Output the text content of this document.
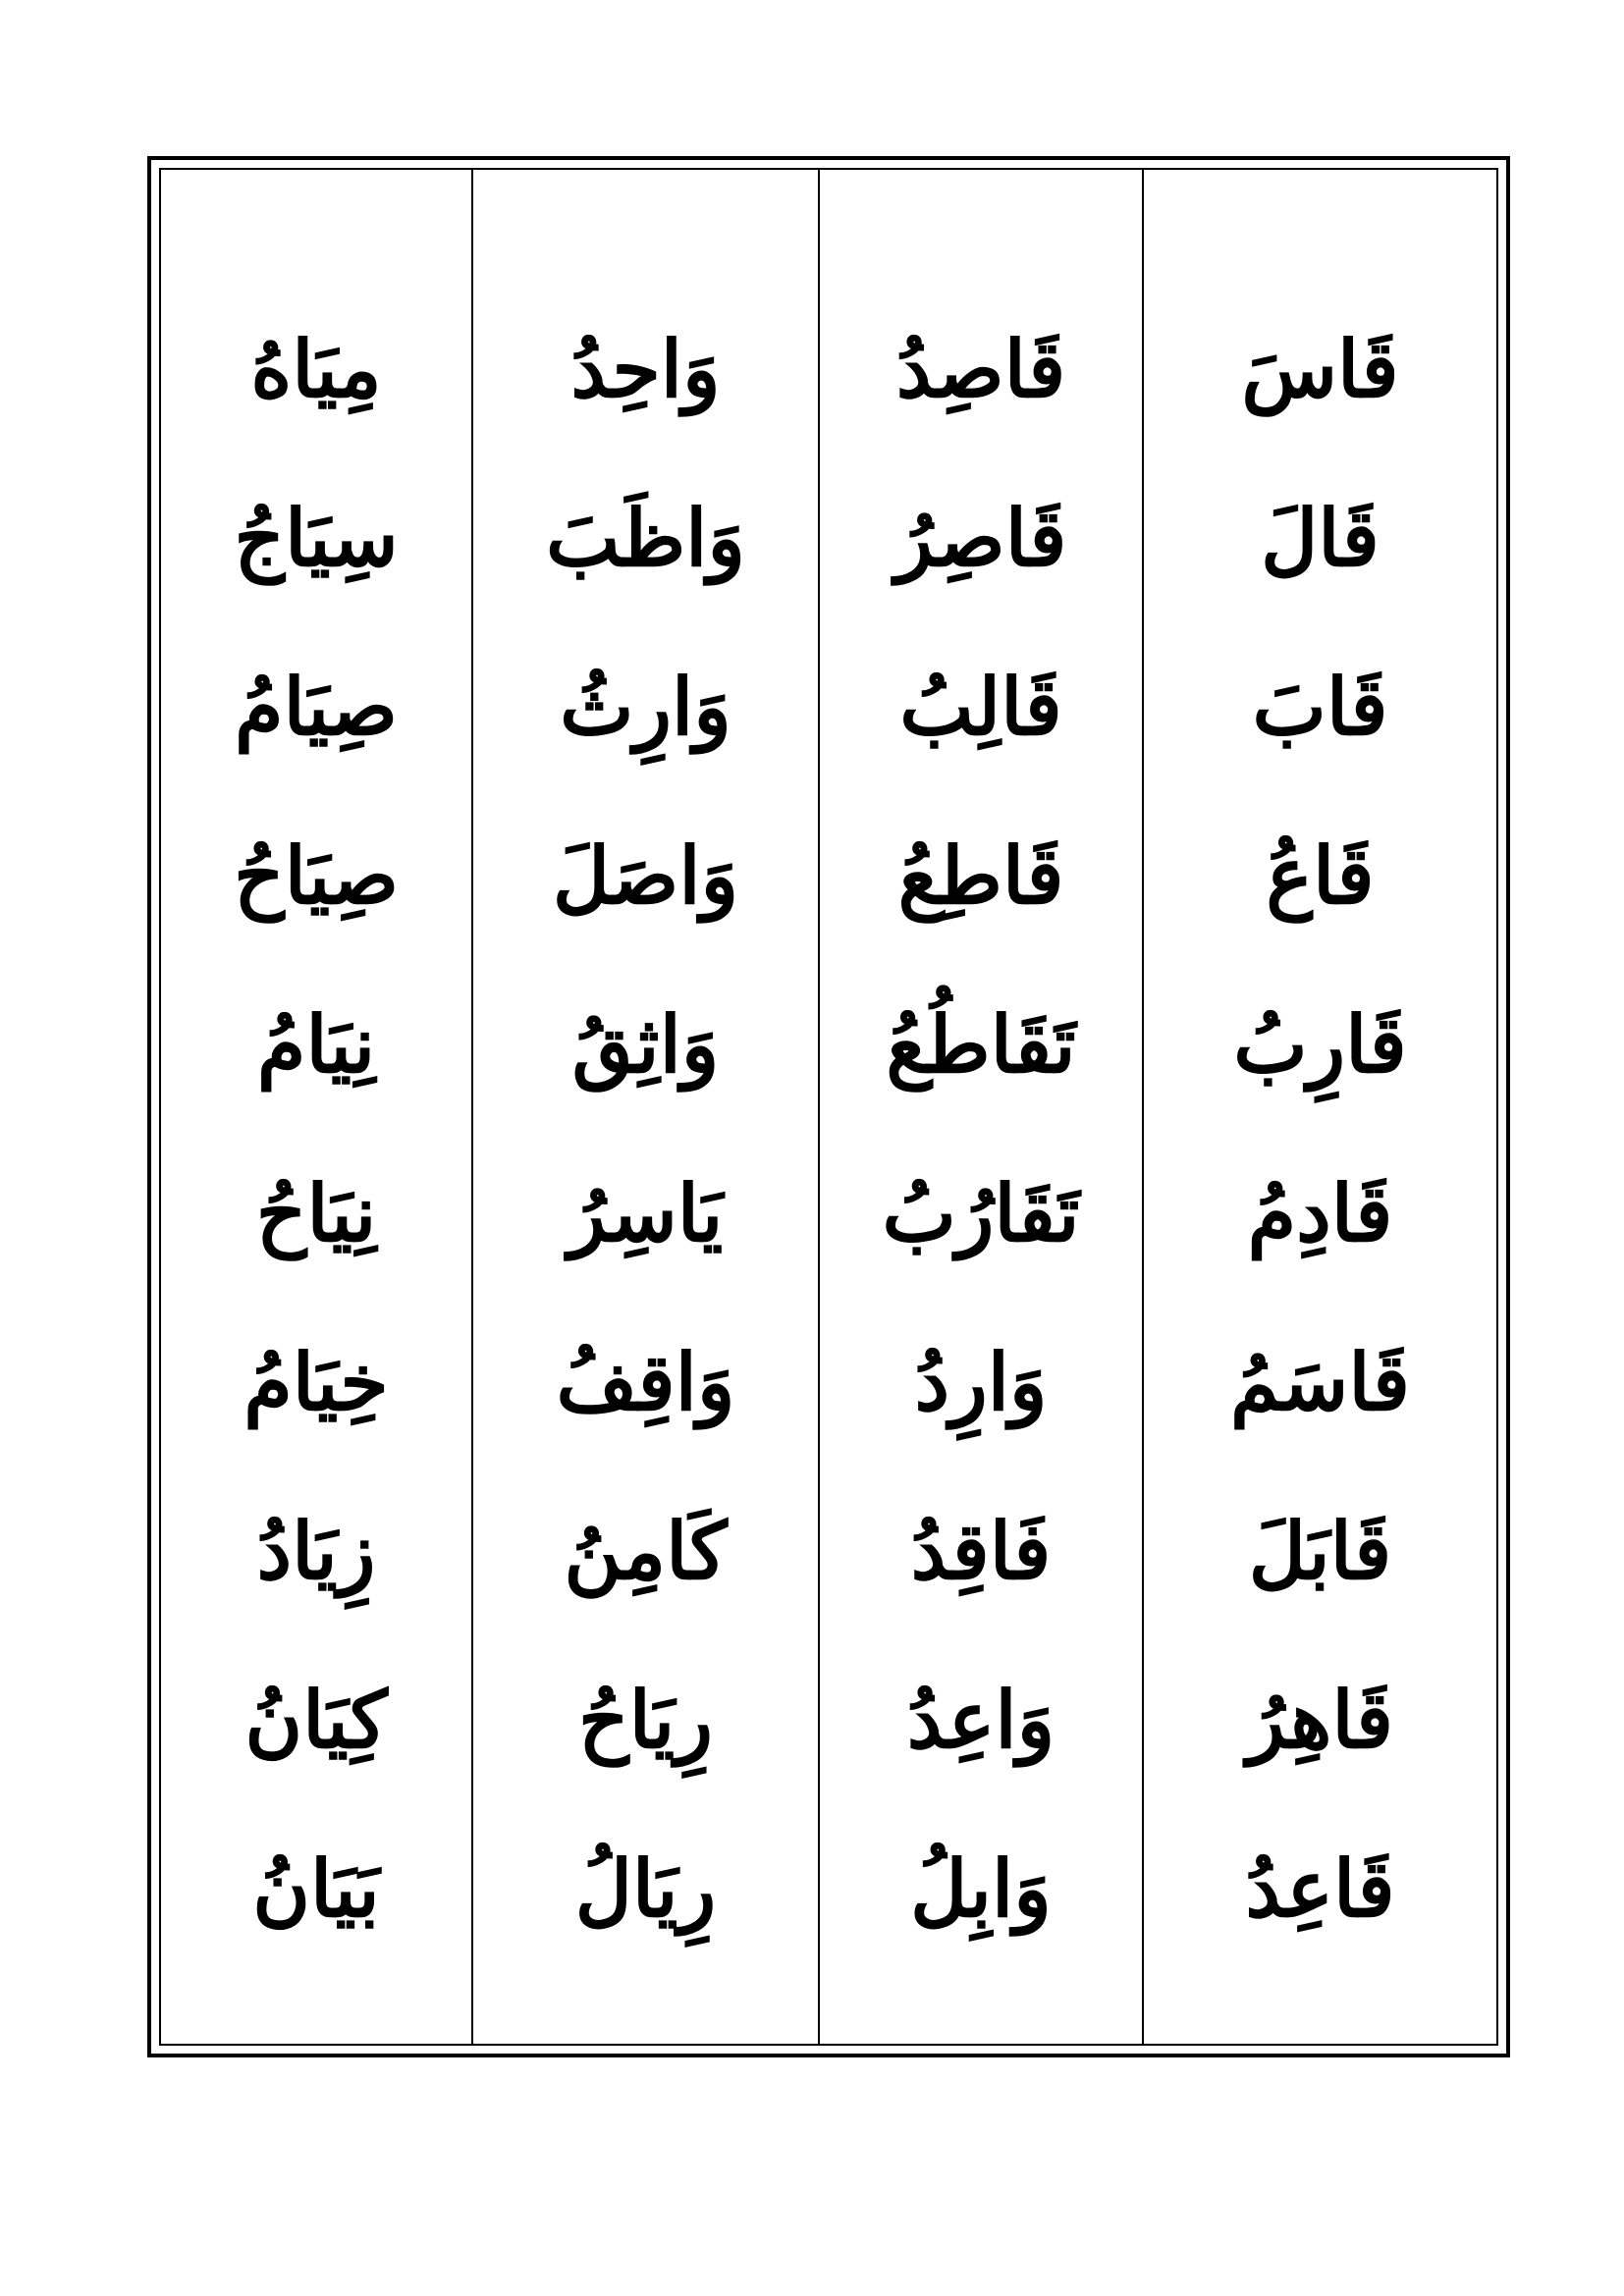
قَاسَ
قَالَ
قَابَ
قَاعُ
قَارِبُ
قَادِمُ
قَاسَمُ
قَابَلَ
قَاهِرُ
قَاعِدُ
قَاصِدُ
قَاصِرُ
قَالِبُ
قَاطِعُ
تَقَاطُعُ
تَقَارُبُ
وَارِدُ
فَاقِدُ
وَاعِدُ
وَابِلُ
وَاحِدُ
وَاظَبَ
وَارِثُ
وَاصَلَ
وَاثِقُ
يَاسِرُ
وَاقِفُ
كَامِنُ
رِيَاحُ
رِيَالُ
مِيَاهُ
سِيَاجُ
صِيَامُ
صِيَاحُ
نِيَامُ
نِيَاحُ
خِيَامُ
زِيَادُ
كِيَانُ
بَيَانُ
